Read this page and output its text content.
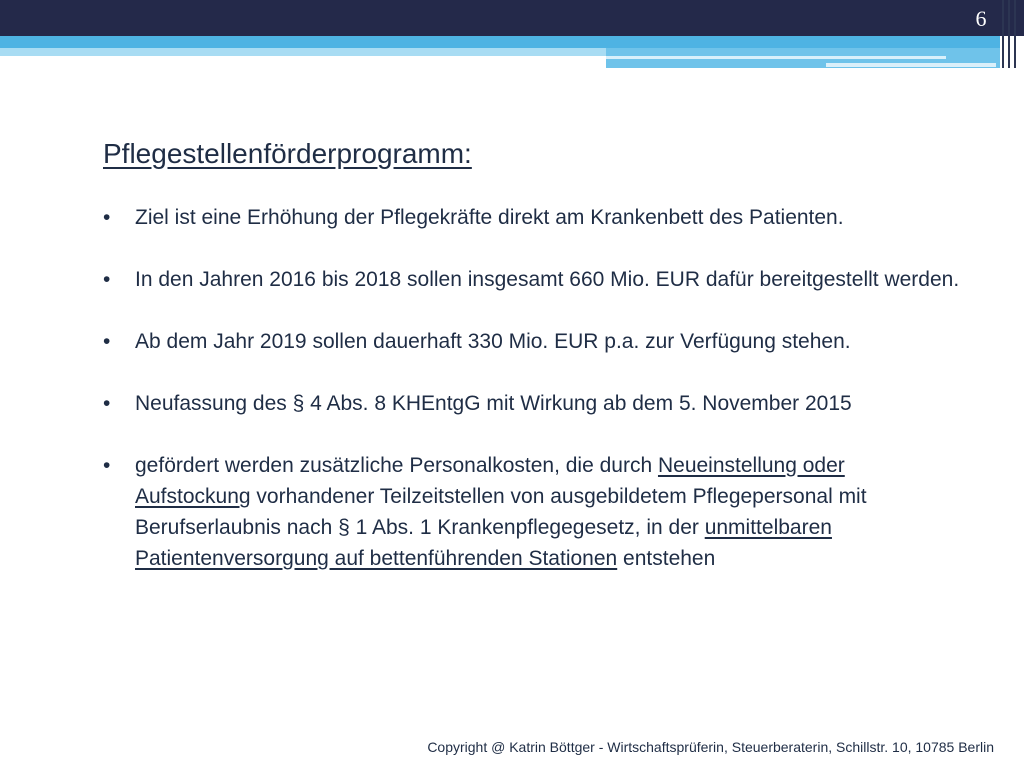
6
Pflegestellenförderprogramm:
•	Ziel ist eine Erhöhung der Pflegekräfte direkt am Krankenbett des Patienten.
•	In den Jahren 2016 bis 2018 sollen insgesamt 660 Mio. EUR dafür bereitgestellt werden.
•	Ab dem Jahr 2019 sollen dauerhaft 330 Mio. EUR p.a. zur Verfügung stehen.
•	Neufassung des § 4 Abs. 8 KHEntgG mit Wirkung ab dem 5. November 2015
•	gefördert werden zusätzliche Personalkosten, die durch Neueinstellung oder Aufstockung vorhandener Teilzeitstellen von ausgebildetem Pflegepersonal mit Berufserlaubnis nach § 1 Abs. 1 Krankenpflegegesetz, in der unmittelbaren Patientenversorgung auf bettenführenden Stationen entstehen
Copyright @ Katrin Böttger - Wirtschaftsprüferin, Steuerberaterin, Schillstr. 10, 10785 Berlin
